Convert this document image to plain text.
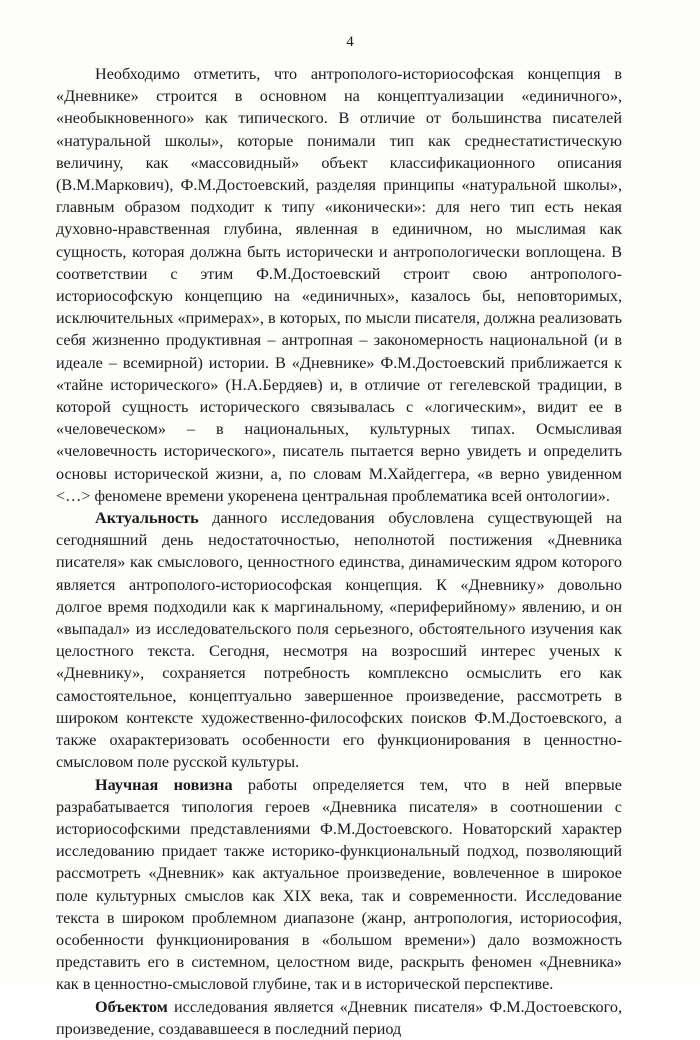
4

Необходимо отметить, что антрополого-историософская концепция в «Дневнике» строится в основном на концептуализации «единичного», «необыкновенного» как типического. В отличие от большинства писателей «натуральной школы», которые понимали тип как среднестатистическую величину, как «массовидный» объект классификационного описания (В.М.Маркович), Ф.М.Достоевский, разделяя принципы «натуральной школы», главным образом подходит к типу «иконически»: для него тип есть некая духовно-нравственная глубина, явленная в единичном, но мыслимая как сущность, которая должна быть исторически и антропологически воплощена. В соответствии с этим Ф.М.Достоевский строит свою антрополого-историософскую концепцию на «единичных», казалось бы, неповторимых, исключительных «примерах», в которых, по мысли писателя, должна реализовать себя жизненно продуктивная – антропная – закономерность национальной (и в идеале – всемирной) истории. В «Дневнике» Ф.М.Достоевский приближается к «тайне исторического» (Н.А.Бердяев) и, в отличие от гегелевской традиции, в которой сущность исторического связывалась с «логическим», видит ее в «человеческом» – в национальных, культурных типах. Осмысливая «человечность исторического», писатель пытается верно увидеть и определить основы исторической жизни, а, по словам М.Хайдеггера, «в верно увиденном <…> феномене времени укоренена центральная проблематика всей онтологии».

Актуальность данного исследования обусловлена существующей на сегодняшний день недостаточностью, неполнотой постижения «Дневника писателя» как смыслового, ценностного единства, динамическим ядром которого является антрополого-историософская концепция. К «Дневнику» довольно долгое время подходили как к маргинальному, «периферийному» явлению, и он «выпадал» из исследовательского поля серьезного, обстоятельного изучения как целостного текста. Сегодня, несмотря на возросший интерес ученых к «Дневнику», сохраняется потребность комплексно осмыслить его как самостоятельное, концептуально завершенное произведение, рассмотреть в широком контексте художественно-философских поисков Ф.М.Достоевского, а также охарактеризовать особенности его функционирования в ценностно-смысловом поле русской культуры.

Научная новизна работы определяется тем, что в ней впервые разрабатывается типология героев «Дневника писателя» в соотношении с историософскими представлениями Ф.М.Достоевского. Новаторский характер исследованию придает также историко-функциональный подход, позволяющий рассмотреть «Дневник» как актуальное произведение, вовлеченное в широкое поле культурных смыслов как XIX века, так и современности. Исследование текста в широком проблемном диапазоне (жанр, антропология, историософия, особенности функционирования в «большом времени») дало возможность представить его в системном, целостном виде, раскрыть феномен «Дневника» как в ценностно-смысловой глубине, так и в исторической перспективе.

Объектом исследования является «Дневник писателя» Ф.М.Достоевского, произведение, создававшееся в последний период
